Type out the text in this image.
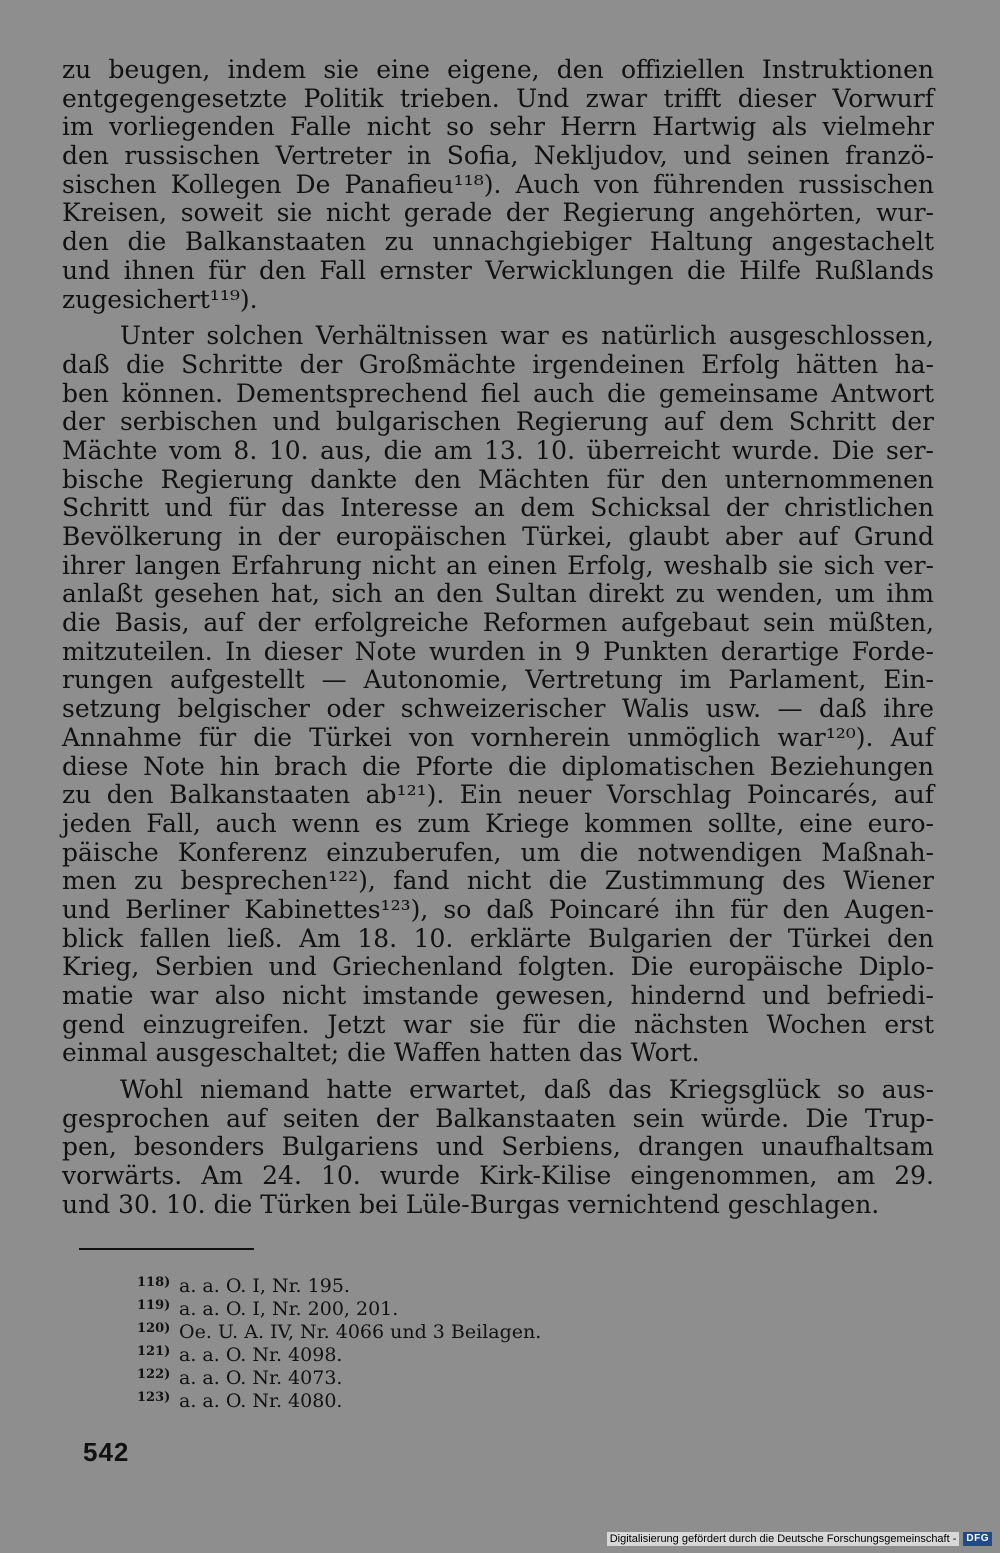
zu beugen, indem sie eine eigene, den offiziellen Instruktionen
entgegengesetzte Politik trieben. Und zwar trifft dieser Vorwurf
im vorliegenden Falle nicht so sehr Herrn Hartwig als vielmehr
den russischen Vertreter in Sofia, Nekljudov, und seinen franzö-
sischen Kollegen De Panafieu¹¹⁸). Auch von führenden russischen
Kreisen, soweit sie nicht gerade der Regierung angehörten, wur-
den die Balkanstaaten zu unnachgiebiger Haltung angestachelt
und ihnen für den Fall ernster Verwicklungen die Hilfe Rußlands
zugesichert¹¹⁹).
Unter solchen Verhältnissen war es natürlich ausgeschlossen,
daß die Schritte der Großmächte irgendeinen Erfolg hätten ha-
ben können. Dementsprechend fiel auch die gemeinsame Antwort
der serbischen und bulgarischen Regierung auf dem Schritt der
Mächte vom 8. 10. aus, die am 13. 10. überreicht wurde. Die ser-
bische Regierung dankte den Mächten für den unternommenen
Schritt und für das Interesse an dem Schicksal der christlichen
Bevölkerung in der europäischen Türkei, glaubt aber auf Grund
ihrer langen Erfahrung nicht an einen Erfolg, weshalb sie sich ver-
anlaßt gesehen hat, sich an den Sultan direkt zu wenden, um ihm
die Basis, auf der erfolgreiche Reformen aufgebaut sein müßten,
mitzuteilen. In dieser Note wurden in 9 Punkten derartige Forde-
rungen aufgestellt — Autonomie, Vertretung im Parlament, Ein-
setzung belgischer oder schweizerischer Walis usw. — daß ihre
Annahme für die Türkei von vornherein unmöglich war¹²⁰). Auf
diese Note hin brach die Pforte die diplomatischen Beziehungen
zu den Balkanstaaten ab¹²¹). Ein neuer Vorschlag Poincarés, auf
jeden Fall, auch wenn es zum Kriege kommen sollte, eine euro-
päische Konferenz einzuberufen, um die notwendigen Maßnah-
men zu besprechen¹²²), fand nicht die Zustimmung des Wiener
und Berliner Kabinettes¹²³), so daß Poincaré ihn für den Augen-
blick fallen ließ. Am 18. 10. erklärte Bulgarien der Türkei den
Krieg, Serbien und Griechenland folgten. Die europäische Diplo-
matie war also nicht imstande gewesen, hindernd und befriedi-
gend einzugreifen. Jetzt war sie für die nächsten Wochen erst
einmal ausgeschaltet; die Waffen hatten das Wort.
Wohl niemand hatte erwartet, daß das Kriegsglück so aus-
gesprochen auf seiten der Balkanstaaten sein würde. Die Trup-
pen, besonders Bulgariens und Serbiens, drangen unaufhaltsam
vorwärts. Am 24. 10. wurde Kirk-Kilise eingenommen, am 29.
und 30. 10. die Türken bei Lüle-Burgas vernichtend geschlagen.
118) a. a. O. I, Nr. 195.
119) a. a. O. I, Nr. 200, 201.
120) Oe. U. A. IV, Nr. 4066 und 3 Beilagen.
121) a. a. O. Nr. 4098.
122) a. a. O. Nr. 4073.
123) a. a. O. Nr. 4080.
542
Digitalisierung gefördert durch die Deutsche Forschungsgemeinschaft -	DFG
